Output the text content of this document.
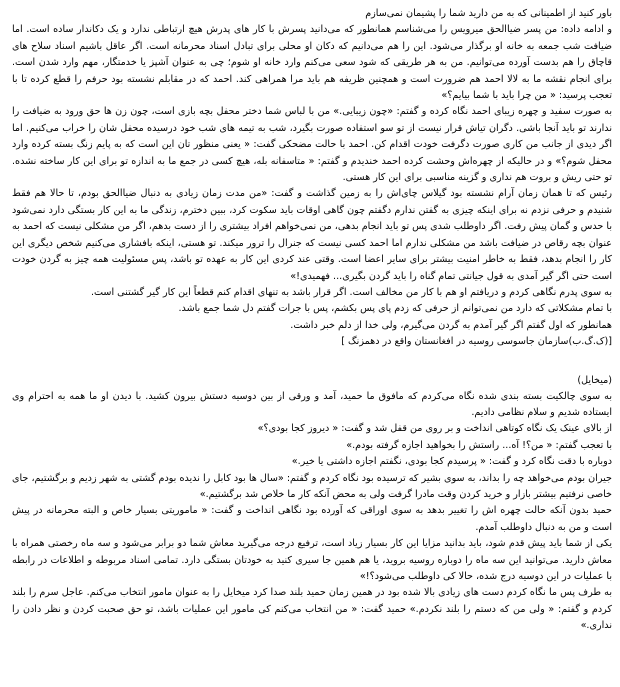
باور کنید از اطمینانی که به من دارید شما را پشیمان نمی‌سازم

و ادامه داده: من پسر ضیاالحق میرویس را می‌شناسم همانطور که می‌دانید پسرش با کار های پدرش هیچ ارتباطی ندارد و یک دکاندار ساده است. اما ضیافت شب جمعه به خانه او برگذار می‌شود. این را هم می‌دانیم که دکان او محلی برای تبادل اسناد محرمانه است. اگر عاقل باشیم اسناد سلاح های قاچاق را هم بدست آورده می‌توانیم. من به هر طریقی که شود سعی می‌کنم وارد خانه او شوم؛ چی به عنوان آشپز یا خدمتگار، مهم وارد شدن است. برای انجام نقشه ما به لالا احمد هم ضرورت است و همچنین ظریفه هم باید مرا همراهی کند. احمد که در مقابلم نشسته بود حرفم را قطع کرده تا با تعجب پرسید: « من چرا باید با شما بیایم؟»

به صورت سفید و چهره زیبای احمد نگاه کرده و گفتم: «چون زیبایی.» من با لباس شما دختر محفل بچه بازی است، چون زن ها حق ورود به ضیافت را ندارند تو باید آنجا باشی. دگران تیاش قرار نیست از تو سو استفاده صورت بگیرد، شب به تیمه های شب خود درسیده محفل شان را خراب می‌کنیم. اما اگر دیدی از جانب من کاری صورت دگرفت خودت اقدام کن. احمد با حالت مضحکی گفت: « یعنی منظور تان این است که به پایم زنگ بسته کرده وارد محفل شوم؟» و در حالیکه از چهره‌اش وحشت کرده احمد خندیدم و گفتم: « متاسفانه بله، هیچ کسی در جمع ما به اندازه تو برای این کار ساخته نشده. تو حتی ریش و بروت هم نداری و گزینه مناسبی برای این کار هستی.

رئیس که تا همان زمان آرام نشسته بود گیلاس چای‌اش را به زمین گذاشت و گفت: «من مدت زمان زیادی به دنبال ضیاالحق بودم، تا حالا هم فقط شنیدم و حرفی نزدم نه برای اینکه چیزی به گفتن ندارم دگفتم چون گاهی اوقات باید سکوت کرد، ببین دخترم، زندگی ما به این کار بستگی دارد نمی‌شود با حدس و گمان پیش رفت. اگر داوطلب شدی پس تو باید انجام بدهی، من نمی‌خواهم افراد بیشتری را از دست بدهم، اگر من مشکلی نیست که احمد به عنوان بچه رقاص در ضیافت باشد من مشکلی ندارم اما احمد کسی نیست که جنرال را ترور میکند. تو هستی، اینکه بافشاری می‌کنیم شخص دیگری این کار را انجام بدهد، فقط به خاطر امنیت بیشتر برای سایر اعضا است. وقتی عند کردی این کار به عهده تو باشد، پس مسئولیت همه چیز به گردن خودت است حتی اگر گیر آمدی به قول جیانتی تمام گناه را باید گردن بگیری... فهمیدی!»

به سوی پدرم نگاهی کردم و دریافتم او هم با کار من مخالف است. اگر قرار باشد به تنهای اقدام کنم قطعاً این کار گیر گشتنی است.

با تمام مشکلاتی که دارد من نمی‌توانم از حرفی که زدم پای پس بکشم، پس با جرات گفتم دل شما جمع باشد.

همانطور که اول گفتم اگر گیر آمدم به گردن می‌گیرم، ولی خدا از دلم خبر داشت.

[(ک.گ.ب)سازمان جاسوسی روسیه در افغانستان واقع در دهمزنگ ]

(میخایل)

به سوی چالکیت بسته بندی شده نگاه می‌کردم که مافوق ما حمید، آمد و ورقی از بین دوسیه دستش بیرون کشید. با دیدن او ما همه به احترام وی ایستاده شدیم و سلام نظامی دادیم.

از بالای عینک یک نگاه کوتاهی انداخت و بر روی من قفل شد و گفت: « دیروز کجا بودی؟»

با تعجب گفتم: « من؟! آه... راستش را بخواهید اجازه گرفته بودم.»

دوباره با دقت نگاه کرد و گفت: « پرسیدم کجا بودی، نگفتم اجازه داشتی یا خیر.»

جیران بودم می‌خواهد چه را بداند، به سوی بشیر که ترسیده بود نگاه کردم و گفتم: «سال ها بود کابل را ندیده بودم گشتی به شهر زدیم و برگشتیم، جای خاصی نرفتیم بیشتر بازار و خرید کردن وقت مادرا گرفت ولی به محض آنکه کار ما خلاص شد برگشتیم.»

حمید بدون آنکه حالت چهره اش را تغییر بدهد به سوی اوراقی که آورده بود نگاهی انداخت و گفت: « ماموریتی بسیار خاص و البته محرمانه در پیش است و من به دنبال داوطلب آمدم.

یکی از شما باید پیش قدم شود، باید بدانید مزایا این کار بسیار زیاد است، ترفیع درجه می‌گیرید معاش شما دو برابر می‌شود و سه ماه رخصتی همراه با معاش دارید. می‌توانید این سه ماه را دوباره روسیه بروید، یا هم همین جا سیری کنید به خودتان بستگی دارد. تمامی اسناد مربوطه و اطلاعات در رابطه با عملیات در این دوسیه درج شده، حالا کی داوطلب می‌شود؟!»

به طرف پس ما نگاه کردم دست های زیادی بالا شده بود در همین زمان حمید بلند صدا کرد میخایل را به عنوان مامور انتخاب می‌کنم. عاجل سرم را بلند کردم و گفتم: « ولی من که دستم را بلند نکردم.» حمید گفت: « من انتخاب می‌کنم کی مامور این عملیات باشد، تو حق صحبت کردن و نظر دادن را نداری.»
